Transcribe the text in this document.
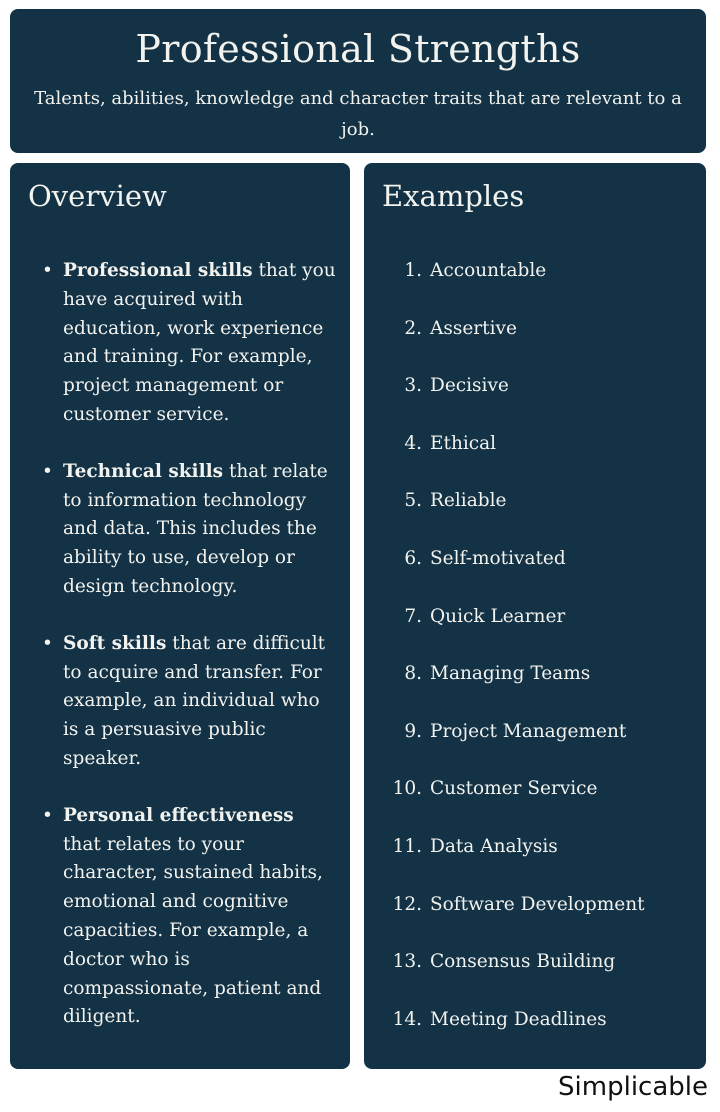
Professional Strengths

Talents, abilities, knowledge and character traits that are relevant to a job.

Overview
• Professional skills that you have acquired with education, work experience and training. For example, project management or customer service.
• Technical skills that relate to information technology and data. This includes the ability to use, develop or design technology.
• Soft skills that are difficult to acquire and transfer. For example, an individual who is a persuasive public speaker.
• Personal effectiveness that relates to your character, sustained habits, emotional and cognitive capacities. For example, a doctor who is compassionate, patient and diligent.
Examples
1. Accountable
2. Assertive
3. Decisive
4. Ethical
5. Reliable
6. Self-motivated
7. Quick Learner
8. Managing Teams
9. Project Management
10. Customer Service
11. Data Analysis
12. Software Development
13. Consensus Building
14. Meeting Deadlines
Simplicable
